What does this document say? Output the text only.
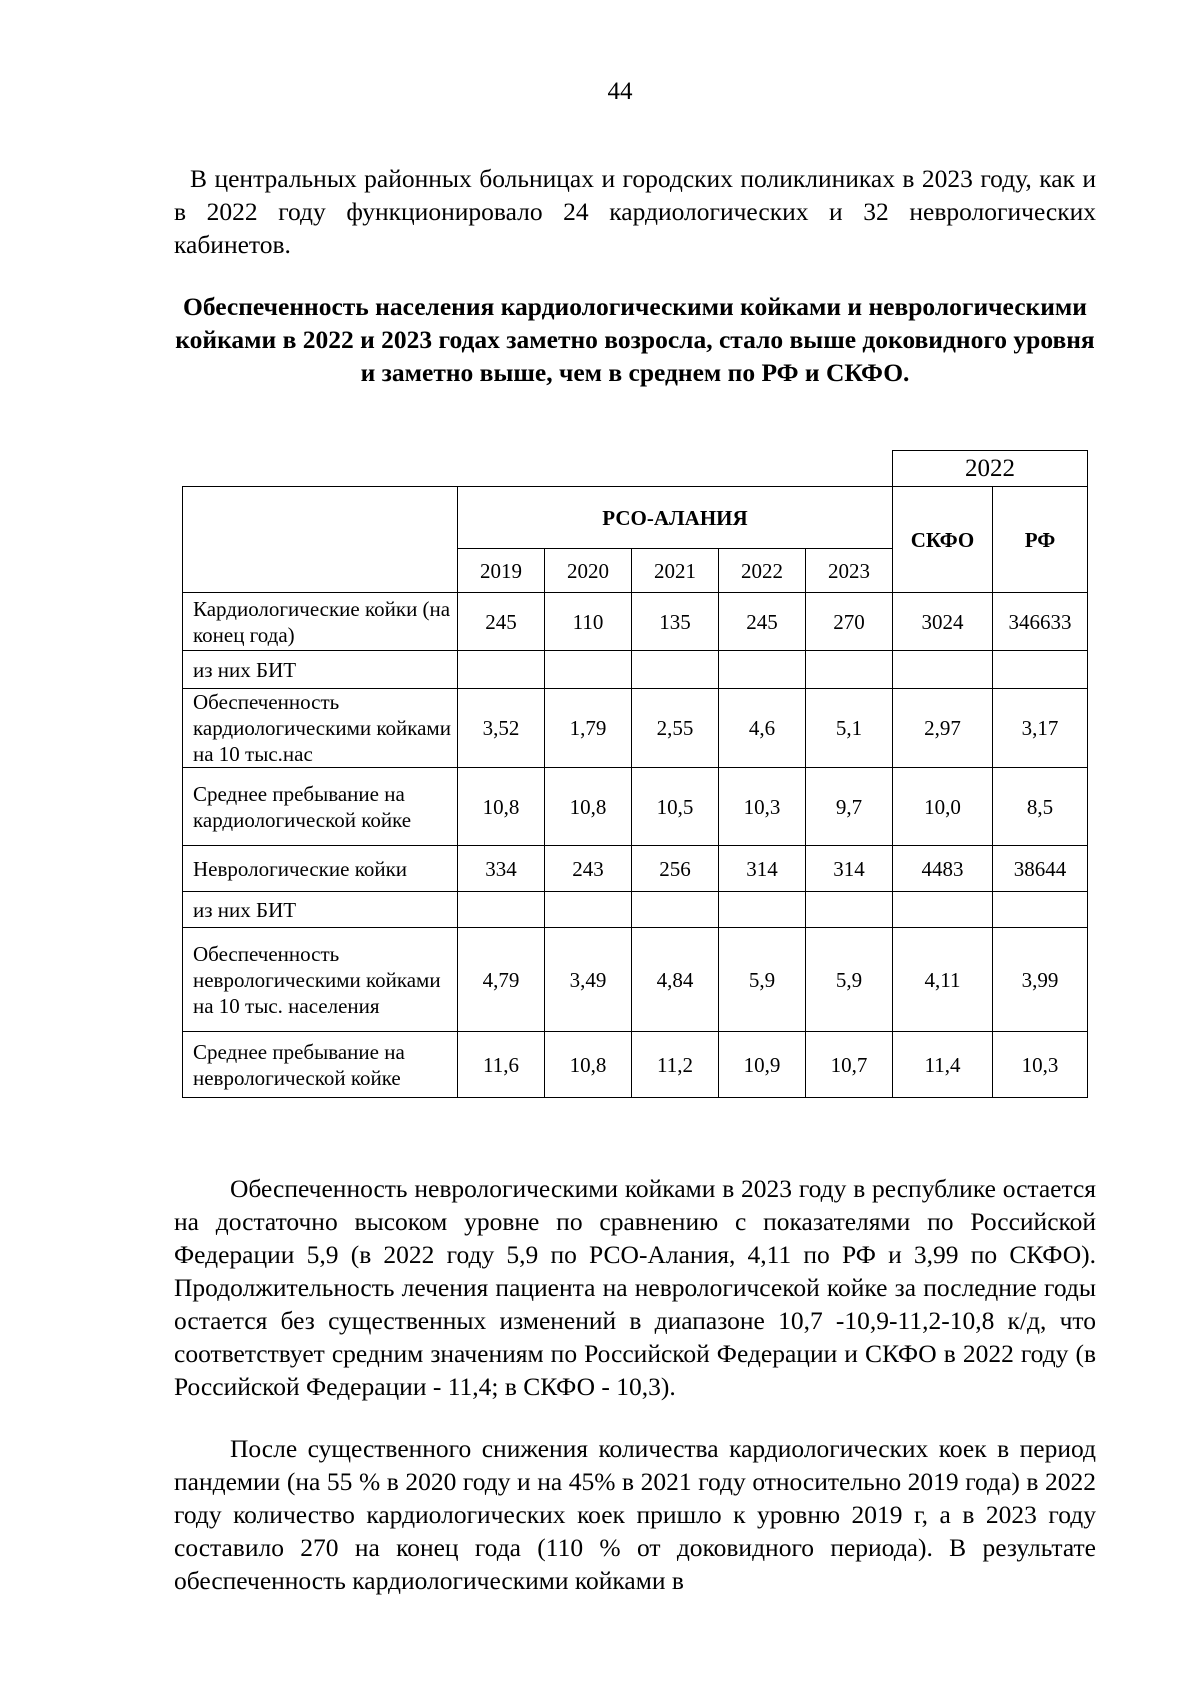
44

В центральных районных больницах и городских поликлиниках в 2023 году, как и в 2022 году функционировало 24 кардиологических и 32 неврологических кабинетов.

Обеспеченность населения кардиологическими койками и неврологическими койками в 2022 и 2023 годах заметно возросла, стало выше доковидного уровня и заметно выше, чем в среднем по РФ и СКФО.

						2022	
	РСО-АЛАНИЯ					СКФО	РФ
	2019	2020	2021	2022	2023		
Кардиологические койки (на конец года)	245	110	135	245	270	3024	346633
из них БИТ							
Обеспеченность кардиологическими койками на 10 тыс.нас	3,52	1,79	2,55	4,6	5,1	2,97	3,17
Среднее пребывание на кардиологической койке	10,8	10,8	10,5	10,3	9,7	10,0	8,5
Неврологические койки	334	243	256	314	314	4483	38644
из них БИТ							
Обеспеченность неврологическими койками на 10 тыс. населения	4,79	3,49	4,84	5,9	5,9	4,11	3,99
Среднее пребывание на неврологической койке	11,6	10,8	11,2	10,9	10,7	11,4	10,3

Обеспеченность неврологическими койками в 2023 году в республике остается на достаточно высоком уровне по сравнению с показателями по Российской Федерации 5,9 (в 2022 году 5,9 по РСО-Алания, 4,11 по РФ и 3,99 по СКФО). Продолжительность лечения пациента на неврологичсекой койке за последние годы остается без существенных изменений в диапазоне 10,7 -10,9-11,2-10,8 к/д, что соответствует средним значениям по Российской Федерации и СКФО в 2022 году (в Российской Федерации - 11,4; в СКФО - 10,3).

После существенного снижения количества кардиологических коек в период пандемии (на 55 % в 2020 году и на 45% в 2021 году относительно 2019 года) в 2022 году количество кардиологических коек пришло к уровню 2019 г, а в 2023 году составило 270 на конец года (110 % от доковидного периода). В результате обеспеченность кардиологическими койками в
